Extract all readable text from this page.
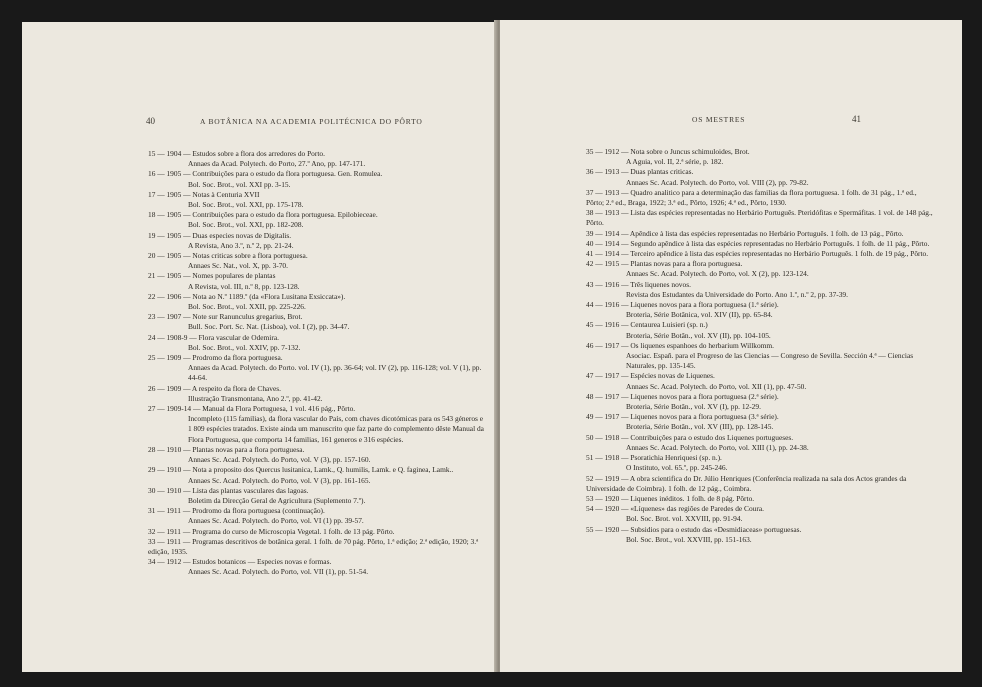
40	A BOTÂNICA NA ACADEMIA POLITÉCNICA DO PÔRTO
15 — 1904 — Estudos sobre a flora dos arredores do Porto.
Annaes da Acad. Polytech. do Porto, 27.º Ano, pp. 147-171.
16 — 1905 — Contribuições para o estudo da flora portuguesa. Gen. Romulea.
Bol. Soc. Brot., vol. XXI pp. 3-15.
17 — 1905 — Notas à Centuria XVII
Bol. Soc. Brot., vol. XXI, pp. 175-178.
18 — 1905 — Contribuições para o estudo da flora portuguesa. Epilobieceae.
Bol. Soc. Brot., vol. XXI, pp. 182-208.
19 — 1905 — Duas especies novas de Digitalis.
A Revista, Ano 3.º, n.º 2, pp. 21-24.
20 — 1905 — Notas criticas sobre a flora portuguesa.
Annaes Sc. Nat., vol. X, pp. 3-70.
21 — 1905 — Nomes populares de plantas
A Revista, vol. III, n.º 8, pp. 123-128.
22 — 1906 — Nota ao N.º 1189.º (da «Flora Lusitana Exsiccata»).
Bol. Soc. Brot., vol. XXII, pp. 225-226.
23 — 1907 — Note sur Ranunculus gregarius, Brot.
Bull. Soc. Port. Sc. Nat. (Lisboa), vol. I (2), pp. 34-47.
24 — 1908-9 — Flora vascular de Odemira.
Bol. Soc. Brot., vol. XXIV, pp. 7-132.
25 — 1909 — Prodromo da flora portuguesa.
Annaes da Acad. Polytech. do Porto. vol. IV (1), pp. 36-64; vol. IV (2), pp. 116-128; vol. V (1), pp. 44-64.
26 — 1909 — A respeito da flora de Chaves.
Illustração Transmontana, Ano 2.º, pp. 41-42.
27 — 1909-14 — Manual da Flora Portuguesa, 1 vol. 416 pág., Pôrto.
Incompleto (115 familias), da flora vascular do País, com chaves dicotómicas para os 543 géneros e 1 809 espécies tratados. Existe ainda um manuscrito que faz parte do complemento dêste Manual da Flora Portuguesa, que comporta 14 familias, 161 generos e 316 espécies.
28 — 1910 — Plantas novas para a flora portuguesa.
Annaes Sc. Acad. Polytech. do Porto, vol. V (3), pp. 157-160.
29 — 1910 — Nota a proposito dos Quercus lusitanica, Lamk., Q. humilis, Lamk. e Q. faginea, Lamk..
Annaes Sc. Acad. Polytech. do Porto, vol. V (3), pp. 161-165.
30 — 1910 — Lista das plantas vasculares das lagoas.
Boletim da Direcção Geral de Agricultura (Suplemento 7.º).
31 — 1911 — Prodromo da flora portuguesa (continuação).
Annaes Sc. Acad. Polytech. do Porto, vol. VI (1) pp. 39-57.
32 — 1911 — Programa do curso de Microscopia Vegetal. 1 folh. de 13 pág. Pôrto.
33 — 1911 — Programas descritivos de botânica geral. 1 folh. de 70 pág. Pôrto, 1.ª edição; 2.ª edição, 1920; 3.ª edição, 1935.
34 — 1912 — Estudos botanicos — Especies novas e formas.
Annaes Sc. Acad. Polytech. do Porto, vol. VII (1), pp. 51-54.
OS MESTRES	41
35 — 1912 — Nota sobre o Juncus schimuloides, Brot.
A Aguia, vol. II, 2.ª série, p. 182.
36 — 1913 — Duas plantas criticas.
Annaes Sc. Acad. Polytech. do Porto, vol. VIII (2), pp. 79-82.
37 — 1913 — Quadro analitico para a determinação das familias da flora portuguesa. 1 folh. de 31 pág., 1.ª ed., Pôrto; 2.ª ed., Braga, 1922; 3.ª ed., Pôrto, 1926; 4.ª ed., Pôrto, 1930.
38 — 1913 — Lista das espécies representadas no Herbário Português. Pteridófitas e Spermáfitas. 1 vol. de 148 pág., Pôrto.
39 — 1914 — Apêndice à lista das espécies representadas no Herbário Português. 1 folh. de 13 pág., Pôrto.
40 — 1914 — Segundo apêndice à lista das espécies representadas no Herbário Português. 1 folh. de 11 pág., Pôrto.
41 — 1914 — Terceiro apêndice à lista das espécies representadas no Herbário Português. 1 folh. de 19 pág., Pôrto.
42 — 1915 — Plantas novas para a flora portuguesa.
Annaes Sc. Acad. Polytech. do Porto, vol. X (2), pp. 123-124.
43 — 1916 — Três liquenes novos.
Revista dos Estudantes da Universidade do Porto. Ano 1.º, n.º 2, pp. 37-39.
44 — 1916 — Liquenes novos para a flora portuguesa (1.ª série).
Broteria, Série Botânica, vol. XIV (II), pp. 65-84.
45 — 1916 — Centaurea Luisieri (sp. n.)
Broteria, Série Botân., vol. XV (II), pp. 104-105.
46 — 1917 — Os liquenes espanhoes do herbarium Willkomm.
Asociac. Españ. para el Progreso de las Ciencias — Congreso de Sevilla. Sección 4.ª — Ciencias Naturales, pp. 135-145.
47 — 1917 — Espécies novas de Liquenes.
Annaes Sc. Acad. Polytech. do Porto, vol. XII (1), pp. 47-50.
48 — 1917 — Liquenes novos para a flora portuguesa (2.ª série).
Broteria, Série Botân., vol. XV (I), pp. 12-29.
49 — 1917 — Liquenes novos para a flora portuguesa (3.ª série).
Broteria, Série Botân., vol. XV (III), pp. 128-145.
50 — 1918 — Contribuições para o estudo dos Liquenes portugueses.
Annaes Sc. Acad. Polytech. do Porto, vol. XIII (1), pp. 24-38.
51 — 1918 — Psoratichia Henriquesi (sp. n.).
O Instituto, vol. 65.º, pp. 245-246.
52 — 1919 — A obra scientifica do Dr. Júlio Henriques (Conferência realizada na sala dos Actos grandes da Universidade de Coimbra). 1 folh. de 12 pág., Coimbra.
53 — 1920 — Liquenes inéditos. 1 folh. de 8 pág. Pôrto.
54 — 1920 — «Líquenes» das regiões de Paredes de Coura.
Bol. Soc. Brot. vol. XXVIII, pp. 91-94.
55 — 1920 — Subsidios para o estudo das «Desmidiaceas» portuguesas.
Bol. Soc. Brot., vol. XXVIII, pp. 151-163.
